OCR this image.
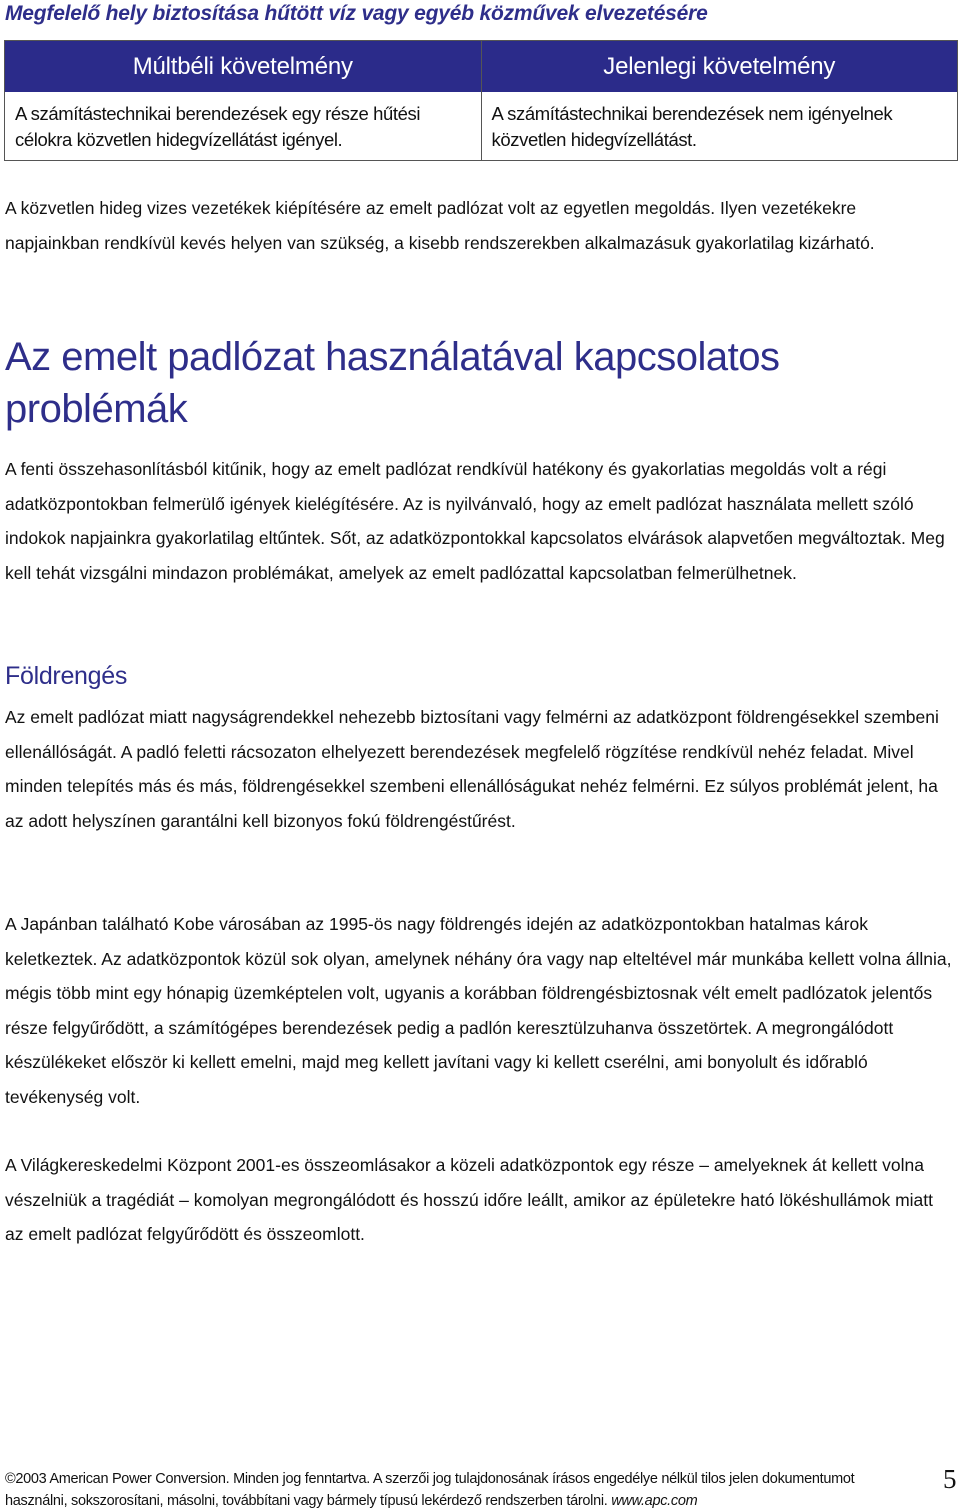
Megfelelő hely biztosítása hűtött víz vagy egyéb közművek elvezetésére
Múltbéli követelmény
A számítástechnikai berendezések egy része hűtési célokra közvetlen hidegvízellátást igényel.
Jelenlegi követelmény
A számítástechnikai berendezések nem igényelnek közvetlen hidegvízellátást.

A közvetlen hideg vizes vezetékek kiépítésére az emelt padlózat volt az egyetlen megoldás. Ilyen vezetékekre napjainkban rendkívül kevés helyen van szükség, a kisebb rendszerekben alkalmazásuk gyakorlatilag kizárható.

Az emelt padlózat használatával kapcsolatos problémák

A fenti összehasonlításból kitűnik, hogy az emelt padlózat rendkívül hatékony és gyakorlatias megoldás volt a régi adatközpontokban felmerülő igények kielégítésére. Az is nyilvánvaló, hogy az emelt padlózat használata mellett szóló indokok napjainkra gyakorlatilag eltűntek. Sőt, az adatközpontokkal kapcsolatos elvárások alapvetően megváltoztak. Meg kell tehát vizsgálni mindazon problémákat, amelyek az emelt padlózattal kapcsolatban felmerülhetnek.

Földrengés

Az emelt padlózat miatt nagyságrendekkel nehezebb biztosítani vagy felmérni az adatközpont földrengésekkel szembeni ellenállóságát. A padló feletti rácsozaton elhelyezett berendezések megfelelő rögzítése rendkívül nehéz feladat. Mivel minden telepítés más és más, földrengésekkel szembeni ellenállóságukat nehéz felmérni. Ez súlyos problémát jelent, ha az adott helyszínen garantálni kell bizonyos fokú földrengéstűrést.

A Japánban található Kobe városában az 1995-ös nagy földrengés idején az adatközpontokban hatalmas károk keletkeztek. Az adatközpontok közül sok olyan, amelynek néhány óra vagy nap elteltével már munkába kellett volna állnia, mégis több mint egy hónapig üzemképtelen volt, ugyanis a korábban földrengésbiztosnak vélt emelt padlózatok jelentős része felgyűrődött, a számítógépes berendezések pedig a padlón keresztülzuhanva összetörtek. A megrongálódott készülékeket először ki kellett emelni, majd meg kellett javítani vagy ki kellett cserélni, ami bonyolult és időrabló tevékenység volt.

A Világkereskedelmi Központ 2001-es összeomlásakor a közeli adatközpontok egy része – amelyeknek át kellett volna vészelniük a tragédiát – komolyan megrongálódott és hosszú időre leállt, amikor az épületekre ható lökéshullámok miatt az emelt padlózat felgyűrődött és összeomlott.

©2003 American Power Conversion. Minden jog fenntartva. A szerzői jog tulajdonosának írásos engedélye nélkül tilos jelen dokumentumot
használni, sokszorosítani, másolni, továbbítani vagy bármely típusú lekérdező rendszerben tárolni. www.apc.com
5
